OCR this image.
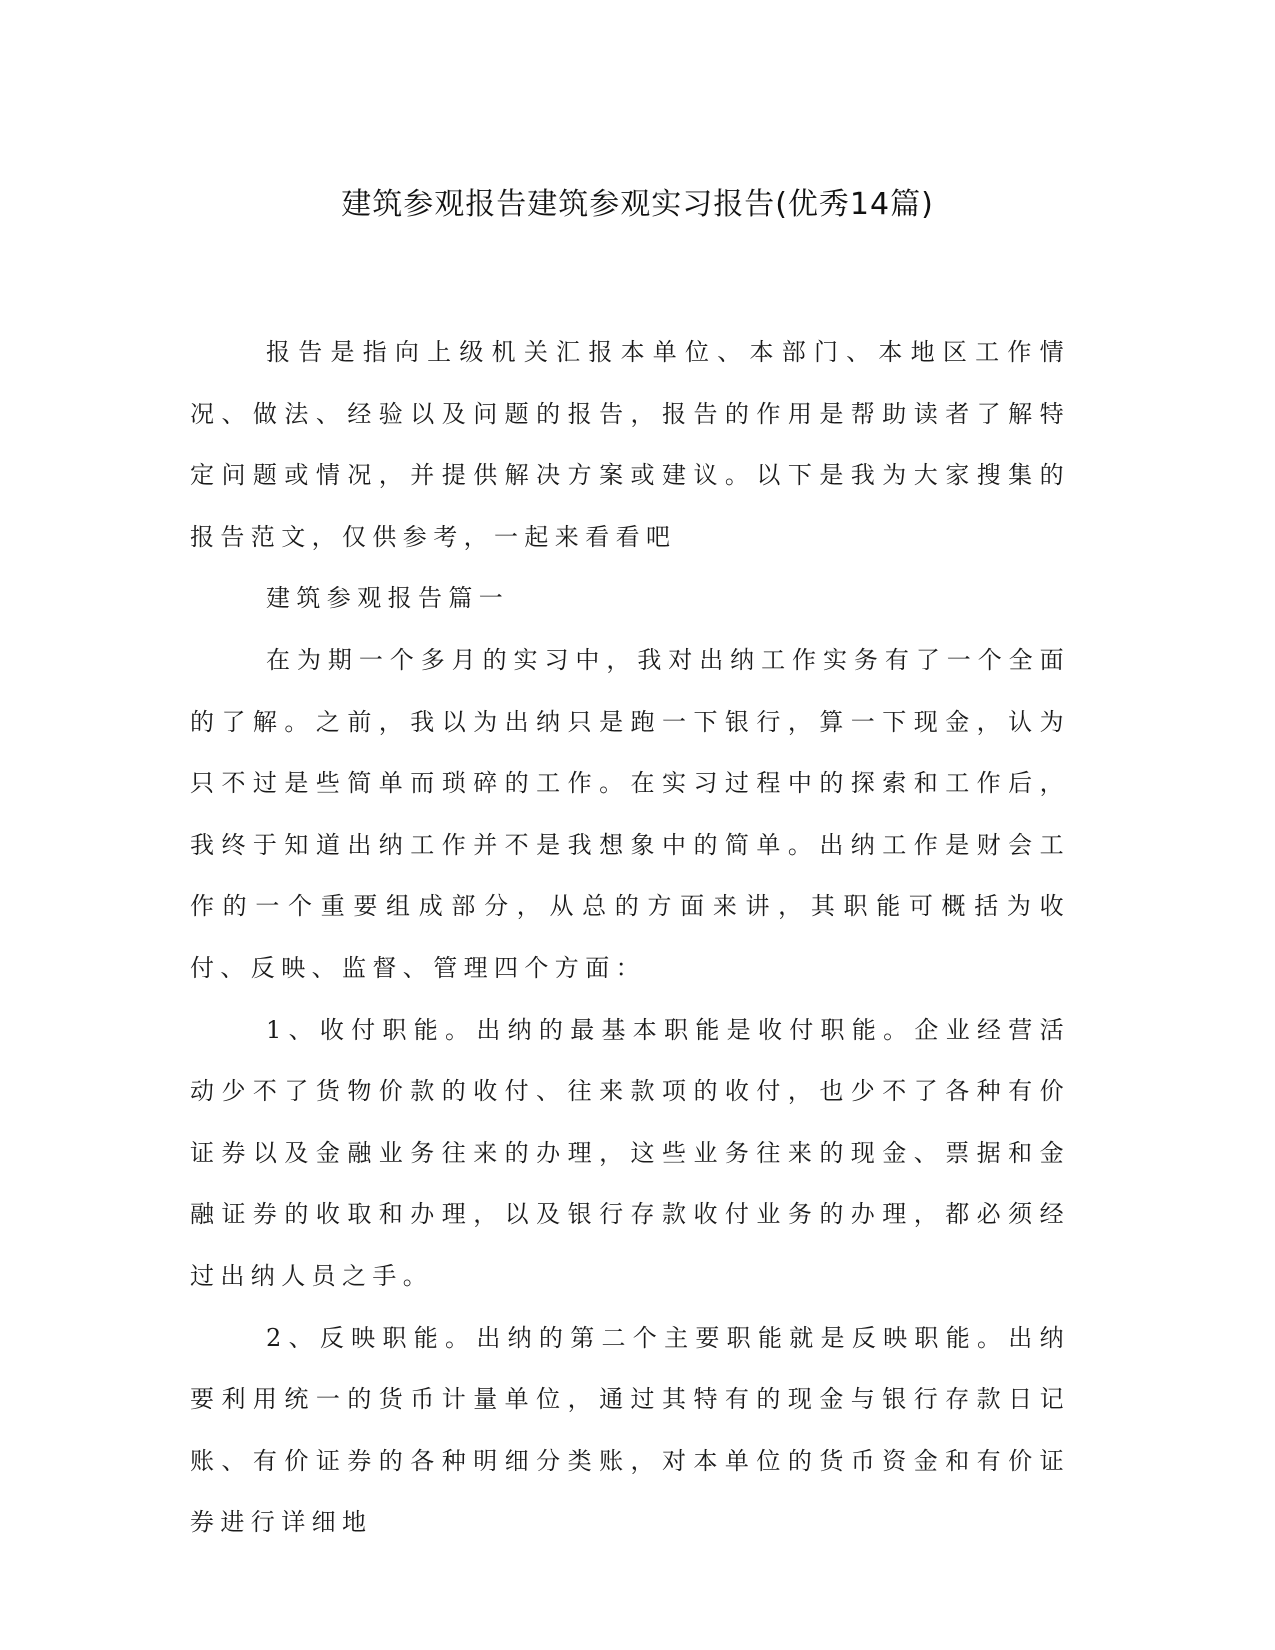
建筑参观报告建筑参观实习报告(优秀14篇)

报告是指向上级机关汇报本单位、本部门、本地区工作情况、做法、经验以及问题的报告，报告的作用是帮助读者了解特定问题或情况，并提供解决方案或建议。以下是我为大家搜集的报告范文，仅供参考，一起来看看吧

建筑参观报告篇一

在为期一个多月的实习中，我对出纳工作实务有了一个全面的了解。之前，我以为出纳只是跑一下银行，算一下现金，认为只不过是些简单而琐碎的工作。在实习过程中的探索和工作后，我终于知道出纳工作并不是我想象中的简单。出纳工作是财会工作的一个重要组成部分，从总的方面来讲，其职能可概括为收付、反映、监督、管理四个方面：

1、收付职能。出纳的最基本职能是收付职能。企业经营活动少不了货物价款的收付、往来款项的收付，也少不了各种有价证券以及金融业务往来的办理，这些业务往来的现金、票据和金融证券的收取和办理，以及银行存款收付业务的办理，都必须经过出纳人员之手。

2、反映职能。出纳的第二个主要职能就是反映职能。出纳要利用统一的货币计量单位，通过其特有的现金与银行存款日记账、有价证券的各种明细分类账，对本单位的货币资金和有价证券进行详细地
